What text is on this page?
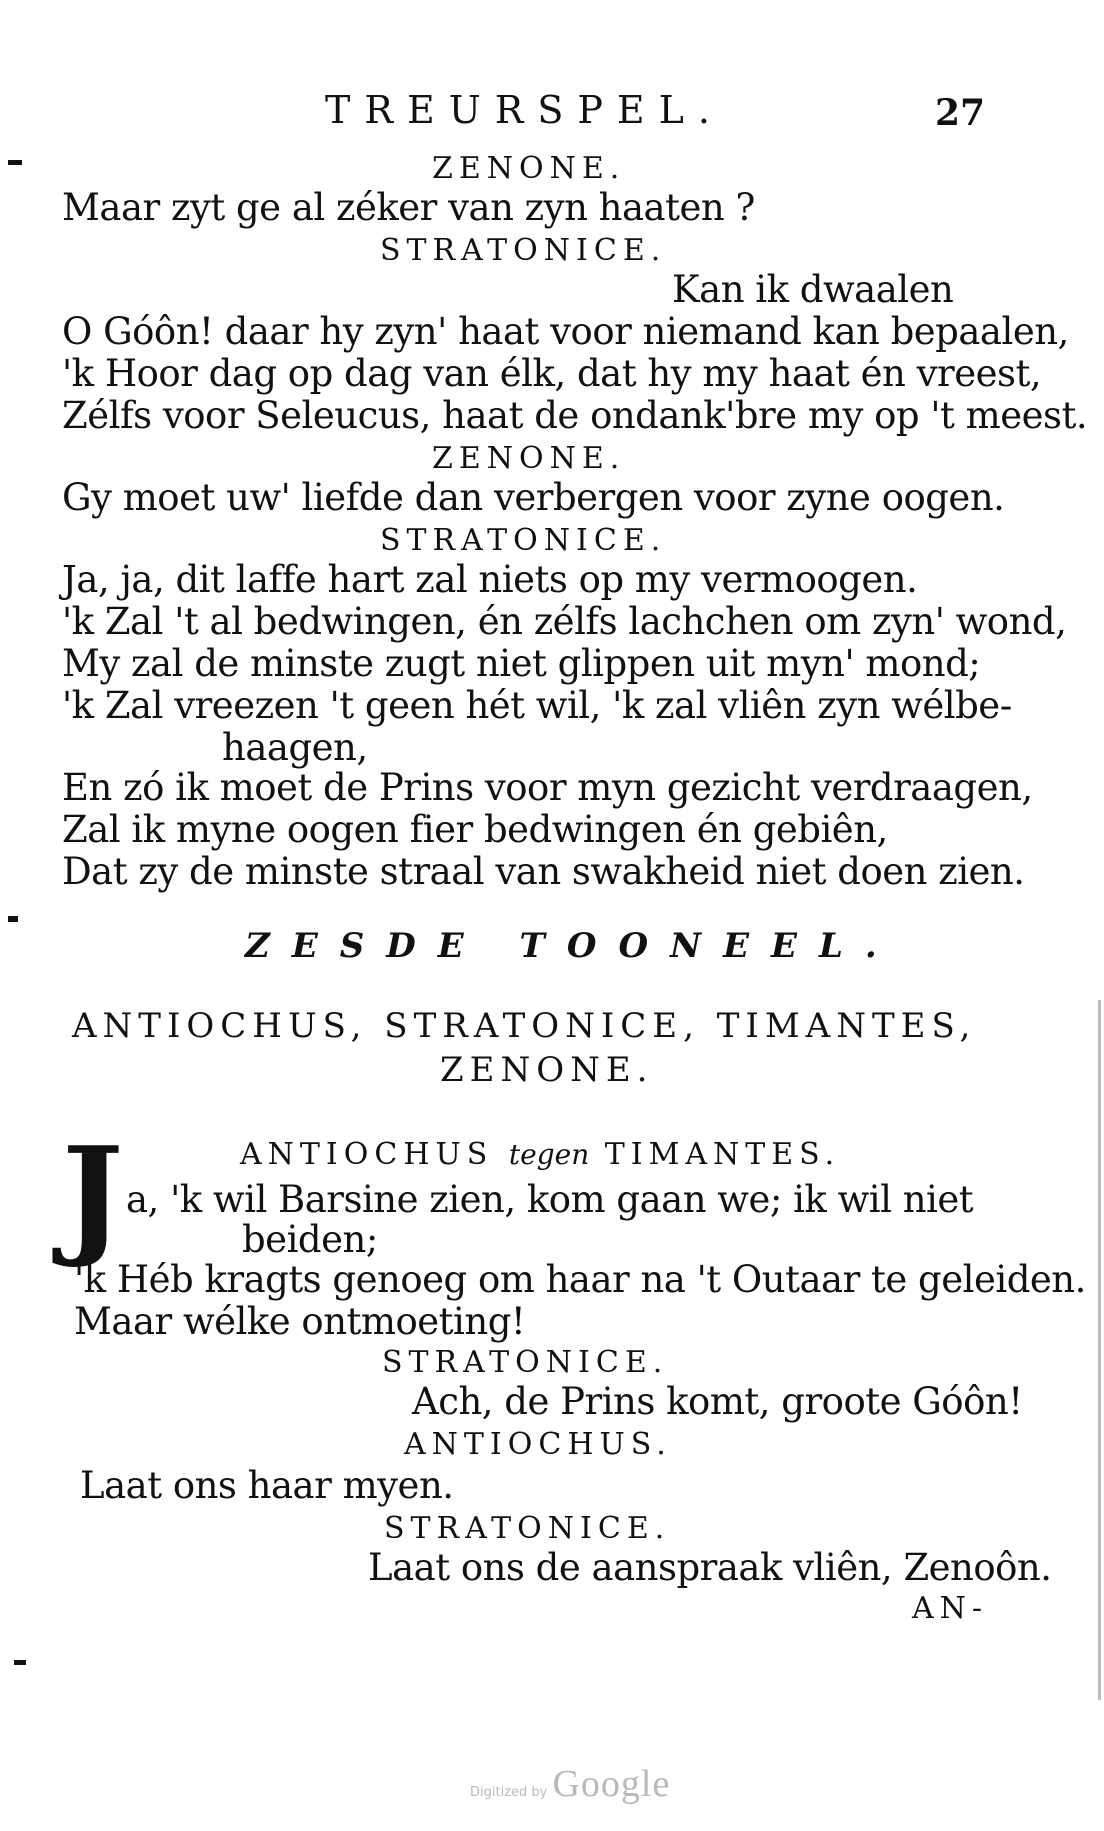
TREURSPEL.	27
ZENONE.
Maar zyt ge al zéker van zyn haaten ?
STRATONICE.
Kan ik dwaalen
O Góôn! daar hy zyn' haat voor niemand kan bepaalen,
'k Hoor dag op dag van élk, dat hy my haat én vreest,
Zélfs voor Seleucus, haat de ondank'bre my op 't meest.
ZENONE.
Gy moet uw' liefde dan verbergen voor zyne oogen.
STRATONICE.
Ja, ja, dit laffe hart zal niets op my vermoogen.
'k Zal 't al bedwingen, én zélfs lachchen om zyn' wond,
My zal de minste zugt niet glippen uit myn' mond;
'k Zal vreezen 't geen hét wil, 'k zal vliên zyn wélbe-
haagen,
En zó ik moet de Prins voor myn gezicht verdraagen,
Zal ik myne oogen fier bedwingen én gebiên,
Dat zy de minste straal van swakheid niet doen zien.
ZESDE TOONEEL.
ANTIOCHUS, STRATONICE, TIMANTES,
ZENONE.
J	ANTIOCHUS tegen TIMANTES.
a, 'k wil Barsine zien, kom gaan we; ik wil niet
beiden;
'k Héb kragts genoeg om haar na 't Outaar te geleiden.
Maar wélke ontmoeting!
STRATONICE.
Ach, de Prins komt, groote Góôn!
ANTIOCHUS.
Laat ons haar myen.
STRATONICE.
Laat ons de aanspraak vliên, Zenoôn.
AN-
Digitized by Google
